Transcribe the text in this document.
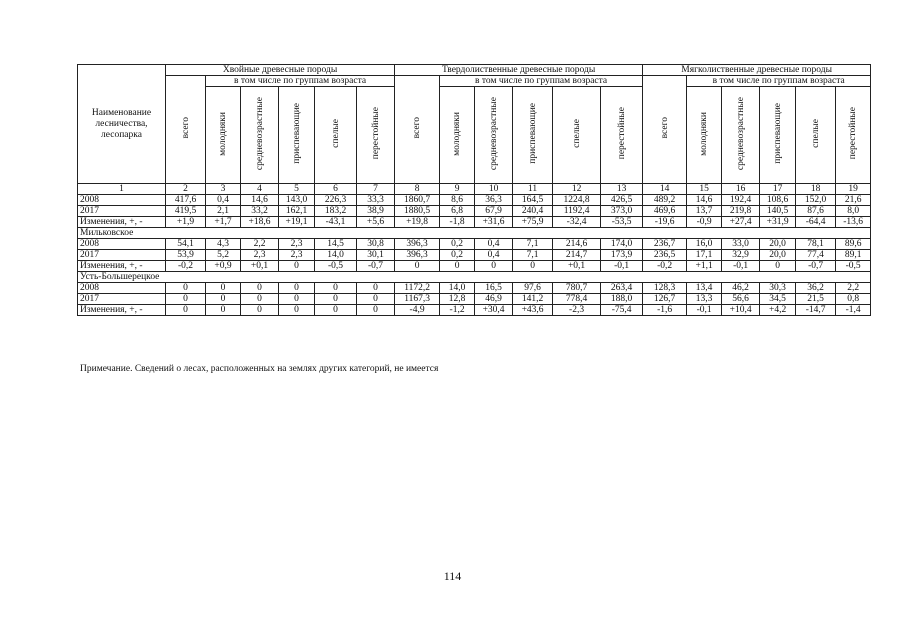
Наименование лесничества, лесопарка	Хвойные древесные породы						Твердолиственные древесные породы						Мягколиственные древесные породы					
	всего	в том числе по группам возраста					всего	в том числе по группам возраста					всего	в том числе по группам возраста				
		молодняки	средневозрастные	приспевающие	спелые	перестойные		молодняки	средневозрастные	приспевающие	спелые	перестойные		молодняки	средневозрастные	приспевающие	спелые	перестойные
1	2	3	4	5	6	7	8	9	10	11	12	13	14	15	16	17	18	19
2008	417,6	0,4	14,6	143,0	226,3	33,3	1860,7	8,6	36,3	164,5	1224,8	426,5	489,2	14,6	192,4	108,6	152,0	21,6
2017	419,5	2,1	33,2	162,1	183,2	38,9	1880,5	6,8	67,9	240,4	1192,4	373,0	469,6	13,7	219,8	140,5	87,6	8,0
Изменения, +, -	+1,9	+1,7	+18,6	+19,1	-43,1	+5,6	+19,8	-1,8	+31,6	+75,9	-32,4	-53,5	-19,6	-0,9	+27,4	+31,9	-64,4	-13,6
Мильковское																		
2008	54,1	4,3	2,2	2,3	14,5	30,8	396,3	0,2	0,4	7,1	214,6	174,0	236,7	16,0	33,0	20,0	78,1	89,6
2017	53,9	5,2	2,3	2,3	14,0	30,1	396,3	0,2	0,4	7,1	214,7	173,9	236,5	17,1	32,9	20,0	77,4	89,1
Изменения, +, -	-0,2	+0,9	+0,1	0	-0,5	-0,7	0	0	0	0	+0,1	-0,1	-0,2	+1,1	-0,1	0	-0,7	-0,5
Усть-Большерецкое																		
2008	0	0	0	0	0	0	1172,2	14,0	16,5	97,6	780,7	263,4	128,3	13,4	46,2	30,3	36,2	2,2
2017	0	0	0	0	0	0	1167,3	12,8	46,9	141,2	778,4	188,0	126,7	13,3	56,6	34,5	21,5	0,8
Изменения, +, -	0	0	0	0	0	0	-4,9	-1,2	+30,4	+43,6	-2,3	-75,4	-1,6	-0,1	+10,4	+4,2	-14,7	-1,4

Примечание. Сведений о лесах, расположенных на землях других категорий, не имеется

114
